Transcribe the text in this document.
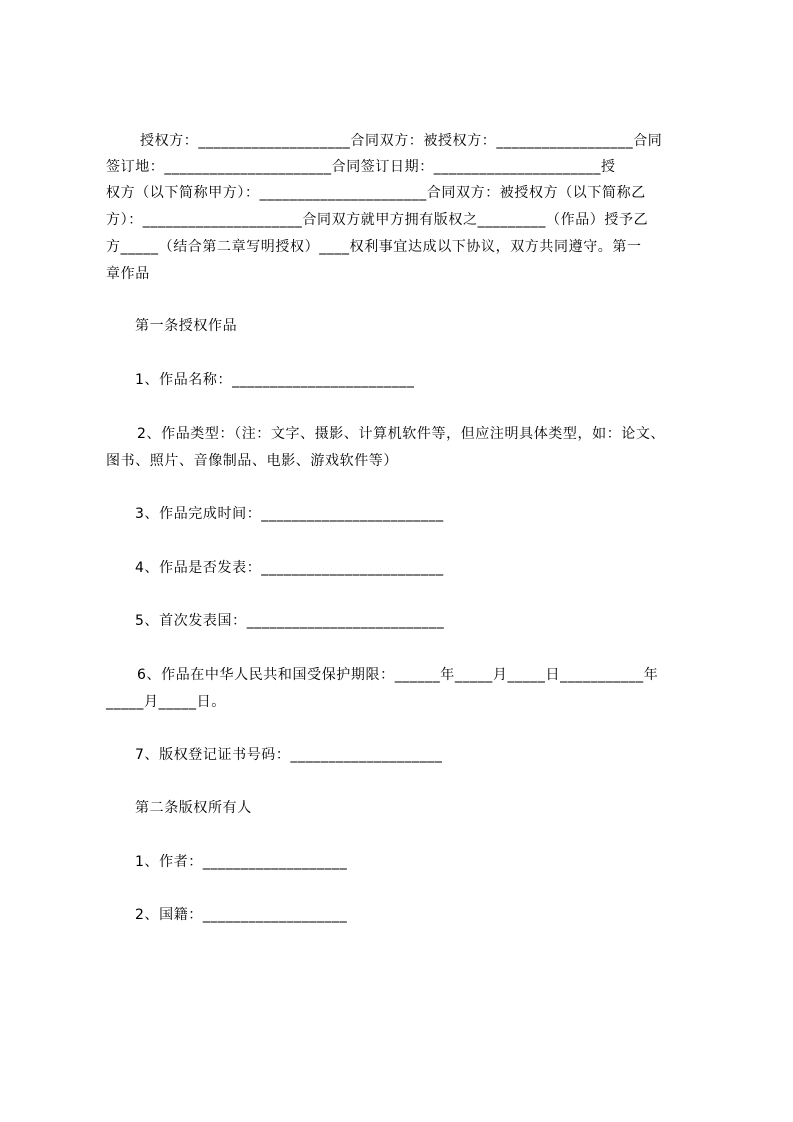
授权方：____________________合同双方：被授权方：__________________合同
签订地：______________________合同签订日期：______________________授
权方（以下简称甲方）：______________________合同双方：被授权方（以下简称乙
方）：_____________________合同双方就甲方拥有版权之_________（作品）授予乙
方_____（结合第二章写明授权）____权利事宜达成以下协议，双方共同遵守。第一
章作品
第一条授权作品
1、作品名称：________________________
2、作品类型：（注：文字、摄影、计算机软件等，但应注明具体类型，如：论文、
图书、照片、音像制品、电影、游戏软件等）
3、作品完成时间：________________________
4、作品是否发表：________________________
5、首次发表国：__________________________
6、作品在中华人民共和国受保护期限：______年_____月_____日___________年
_____月_____日。
7、版权登记证书号码：____________________
第二条版权所有人
1、作者：___________________
2、国籍：___________________
